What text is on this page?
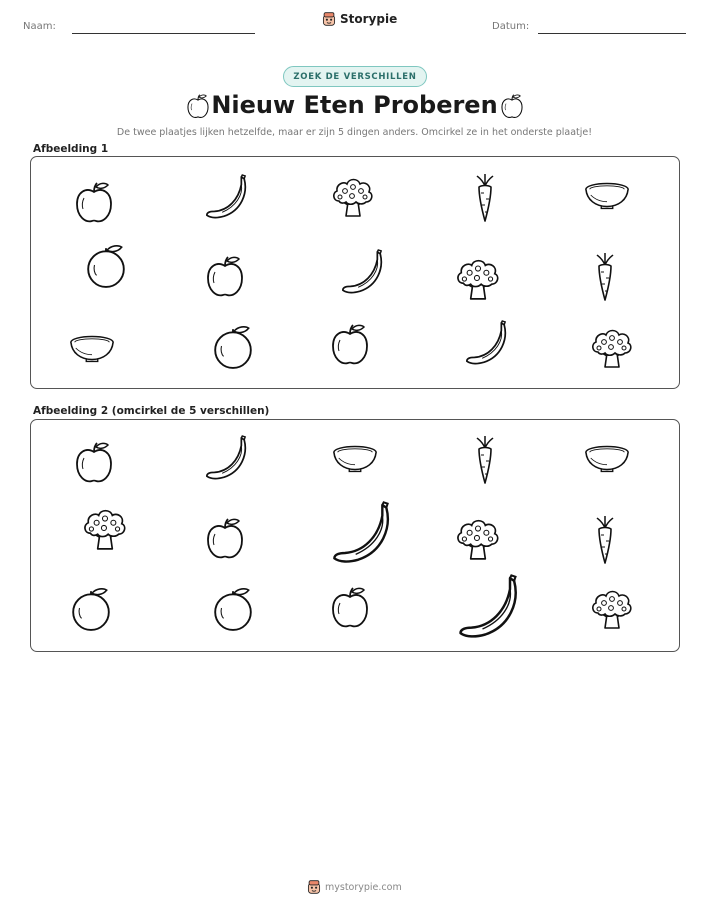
Naam:
Storypie
Datum:
ZOEK DE VERSCHILLEN
Nieuw Eten Proberen
De twee plaatjes lijken hetzelfde, maar er zijn 5 dingen anders. Omcirkel ze in het onderste plaatje!
Afbeelding 1
Afbeelding 2 (omcirkel de 5 verschillen)
mystorypie.com
